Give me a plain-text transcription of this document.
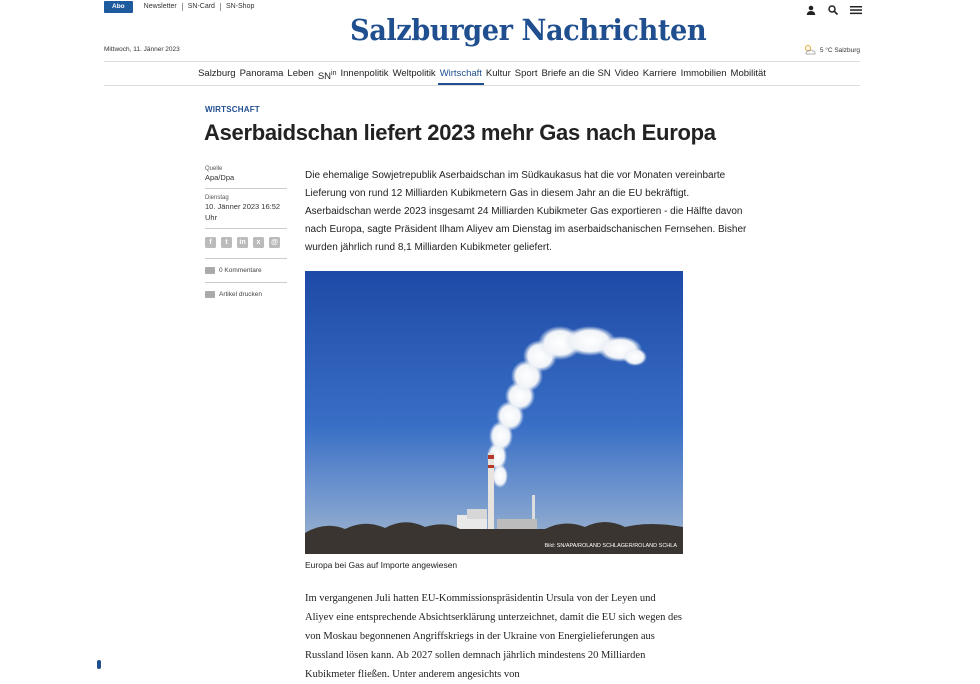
Abo	Newsletter	SN-Card	SN-Shop
Salzburger Nachrichten
Mittwoch, 11. Jänner 2023	5 °C Salzburg
Salzburg Panorama Leben $SN^{in}$ Innenpolitik Weltpolitik Wirtschaft Kultur Sport Briefe an die SN Video Karriere Immobilien Mobilität
WIRTSCHAFT
Aserbaidschan liefert 2023 mehr Gas nach Europa
Quelle
Apa/Dpa
Dienstag
10. Jänner 2023 16:52 Uhr
f	t	in	x	@
0 Kommentare
Artikel drucken

Die ehemalige Sowjetrepublik Aserbaidschan im Südkaukasus hat die vor Monaten vereinbarte Lieferung von rund 12 Milliarden Kubikmetern Gas in diesem Jahr an die EU bekräftigt. Aserbaidschan werde 2023 insgesamt 24 Milliarden Kubikmeter Gas exportieren - die Hälfte davon nach Europa, sagte Präsident Ilham Aliyev am Dienstag im aserbaidschanischen Fernsehen. Bisher wurden jährlich rund 8,1 Milliarden Kubikmeter geliefert.

Bild: SN/APA/ROLAND SCHLAGER/ROLAND SCHLA
Europa bei Gas auf Importe angewiesen

Im vergangenen Juli hatten EU-Kommissionspräsidentin Ursula von der Leyen und Aliyev eine entsprechende Absichtserklärung unterzeichnet, damit die EU sich wegen des von Moskau begonnenen Angriffskriegs in der Ukraine von Energielieferungen aus Russland lösen kann. Ab 2027 sollen demnach jährlich mindestens 20 Milliarden Kubikmeter fließen. Unter anderem angesichts von
